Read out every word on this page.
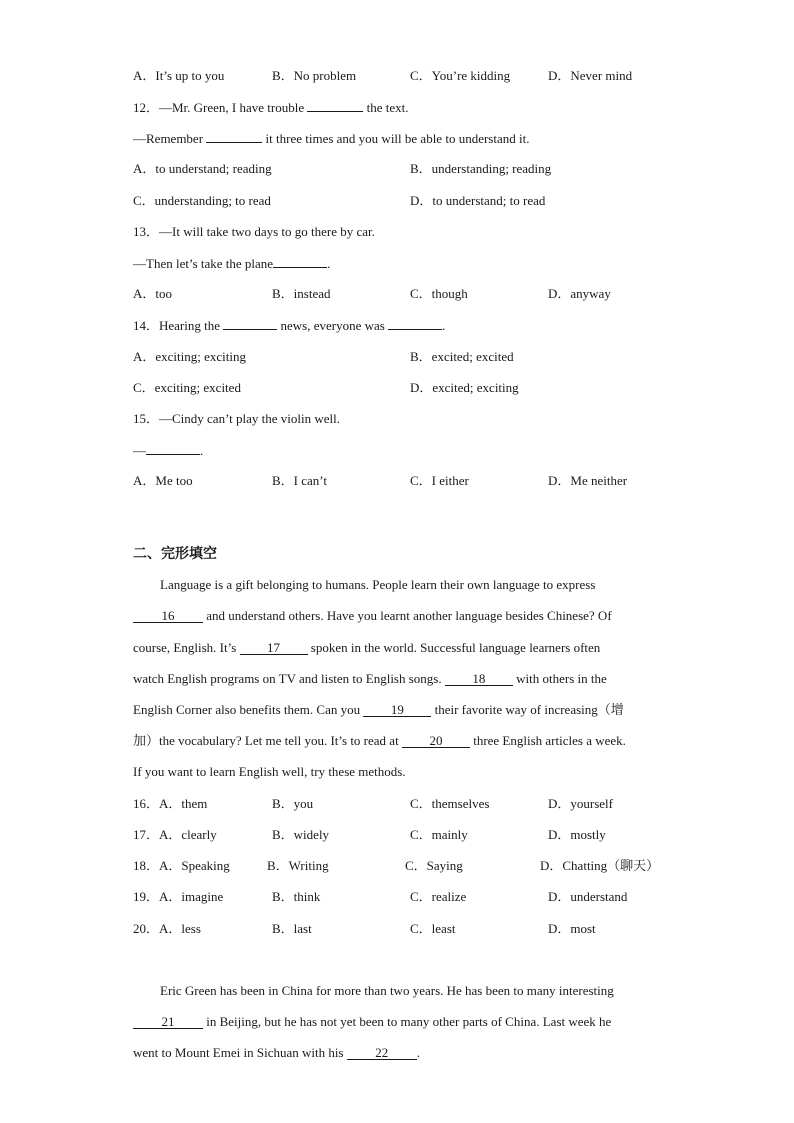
A．It’s up to you	B．No problem	C．You’re kidding	D．Never mind
12．—Mr. Green, I have trouble	the text.
—Remember	it three times and you will be able to understand it.
A．to understand; reading	B．understanding; reading
C．understanding; to read	D．to understand; to read
13．—It will take two days to go there by car.
—Then let’s take the plane	.
A．too	B．instead	C．though	D．anyway
14．Hearing the	news, everyone was	.
A．exciting; exciting	B．excited; excited
C．exciting; excited	D．excited; exciting
15．—Cindy can’t play the violin well.
—	.
A．Me too	B．I can’t	C．I either	D．Me neither
二、完形填空
Language is a gift belonging to humans. People learn their own language to express
16 and understand others. Have you learnt another language besides Chinese? Of
course, English. It’s 17 spoken in the world. Successful language learners often
watch English programs on TV and listen to English songs. 18 with others in the
English Corner also benefits them. Can you 19 their favorite way of increasing（增
加）the vocabulary? Let me tell you. It’s to read at 20 three English articles a week.
If you want to learn English well, try these methods.
16．A．them	B．you	C．themselves	D．yourself
17．A．clearly	B．widely	C．mainly	D．mostly
18．A．Speaking	B．Writing	C．Saying	D．Chatting（聊天）
19．A．imagine	B．think	C．realize	D．understand
20．A．less	B．last	C．least	D．most
Eric Green has been in China for more than two years. He has been to many interesting
21 in Beijing, but he has not yet been to many other parts of China. Last week he
went to Mount Emei in Sichuan with his 22 .
